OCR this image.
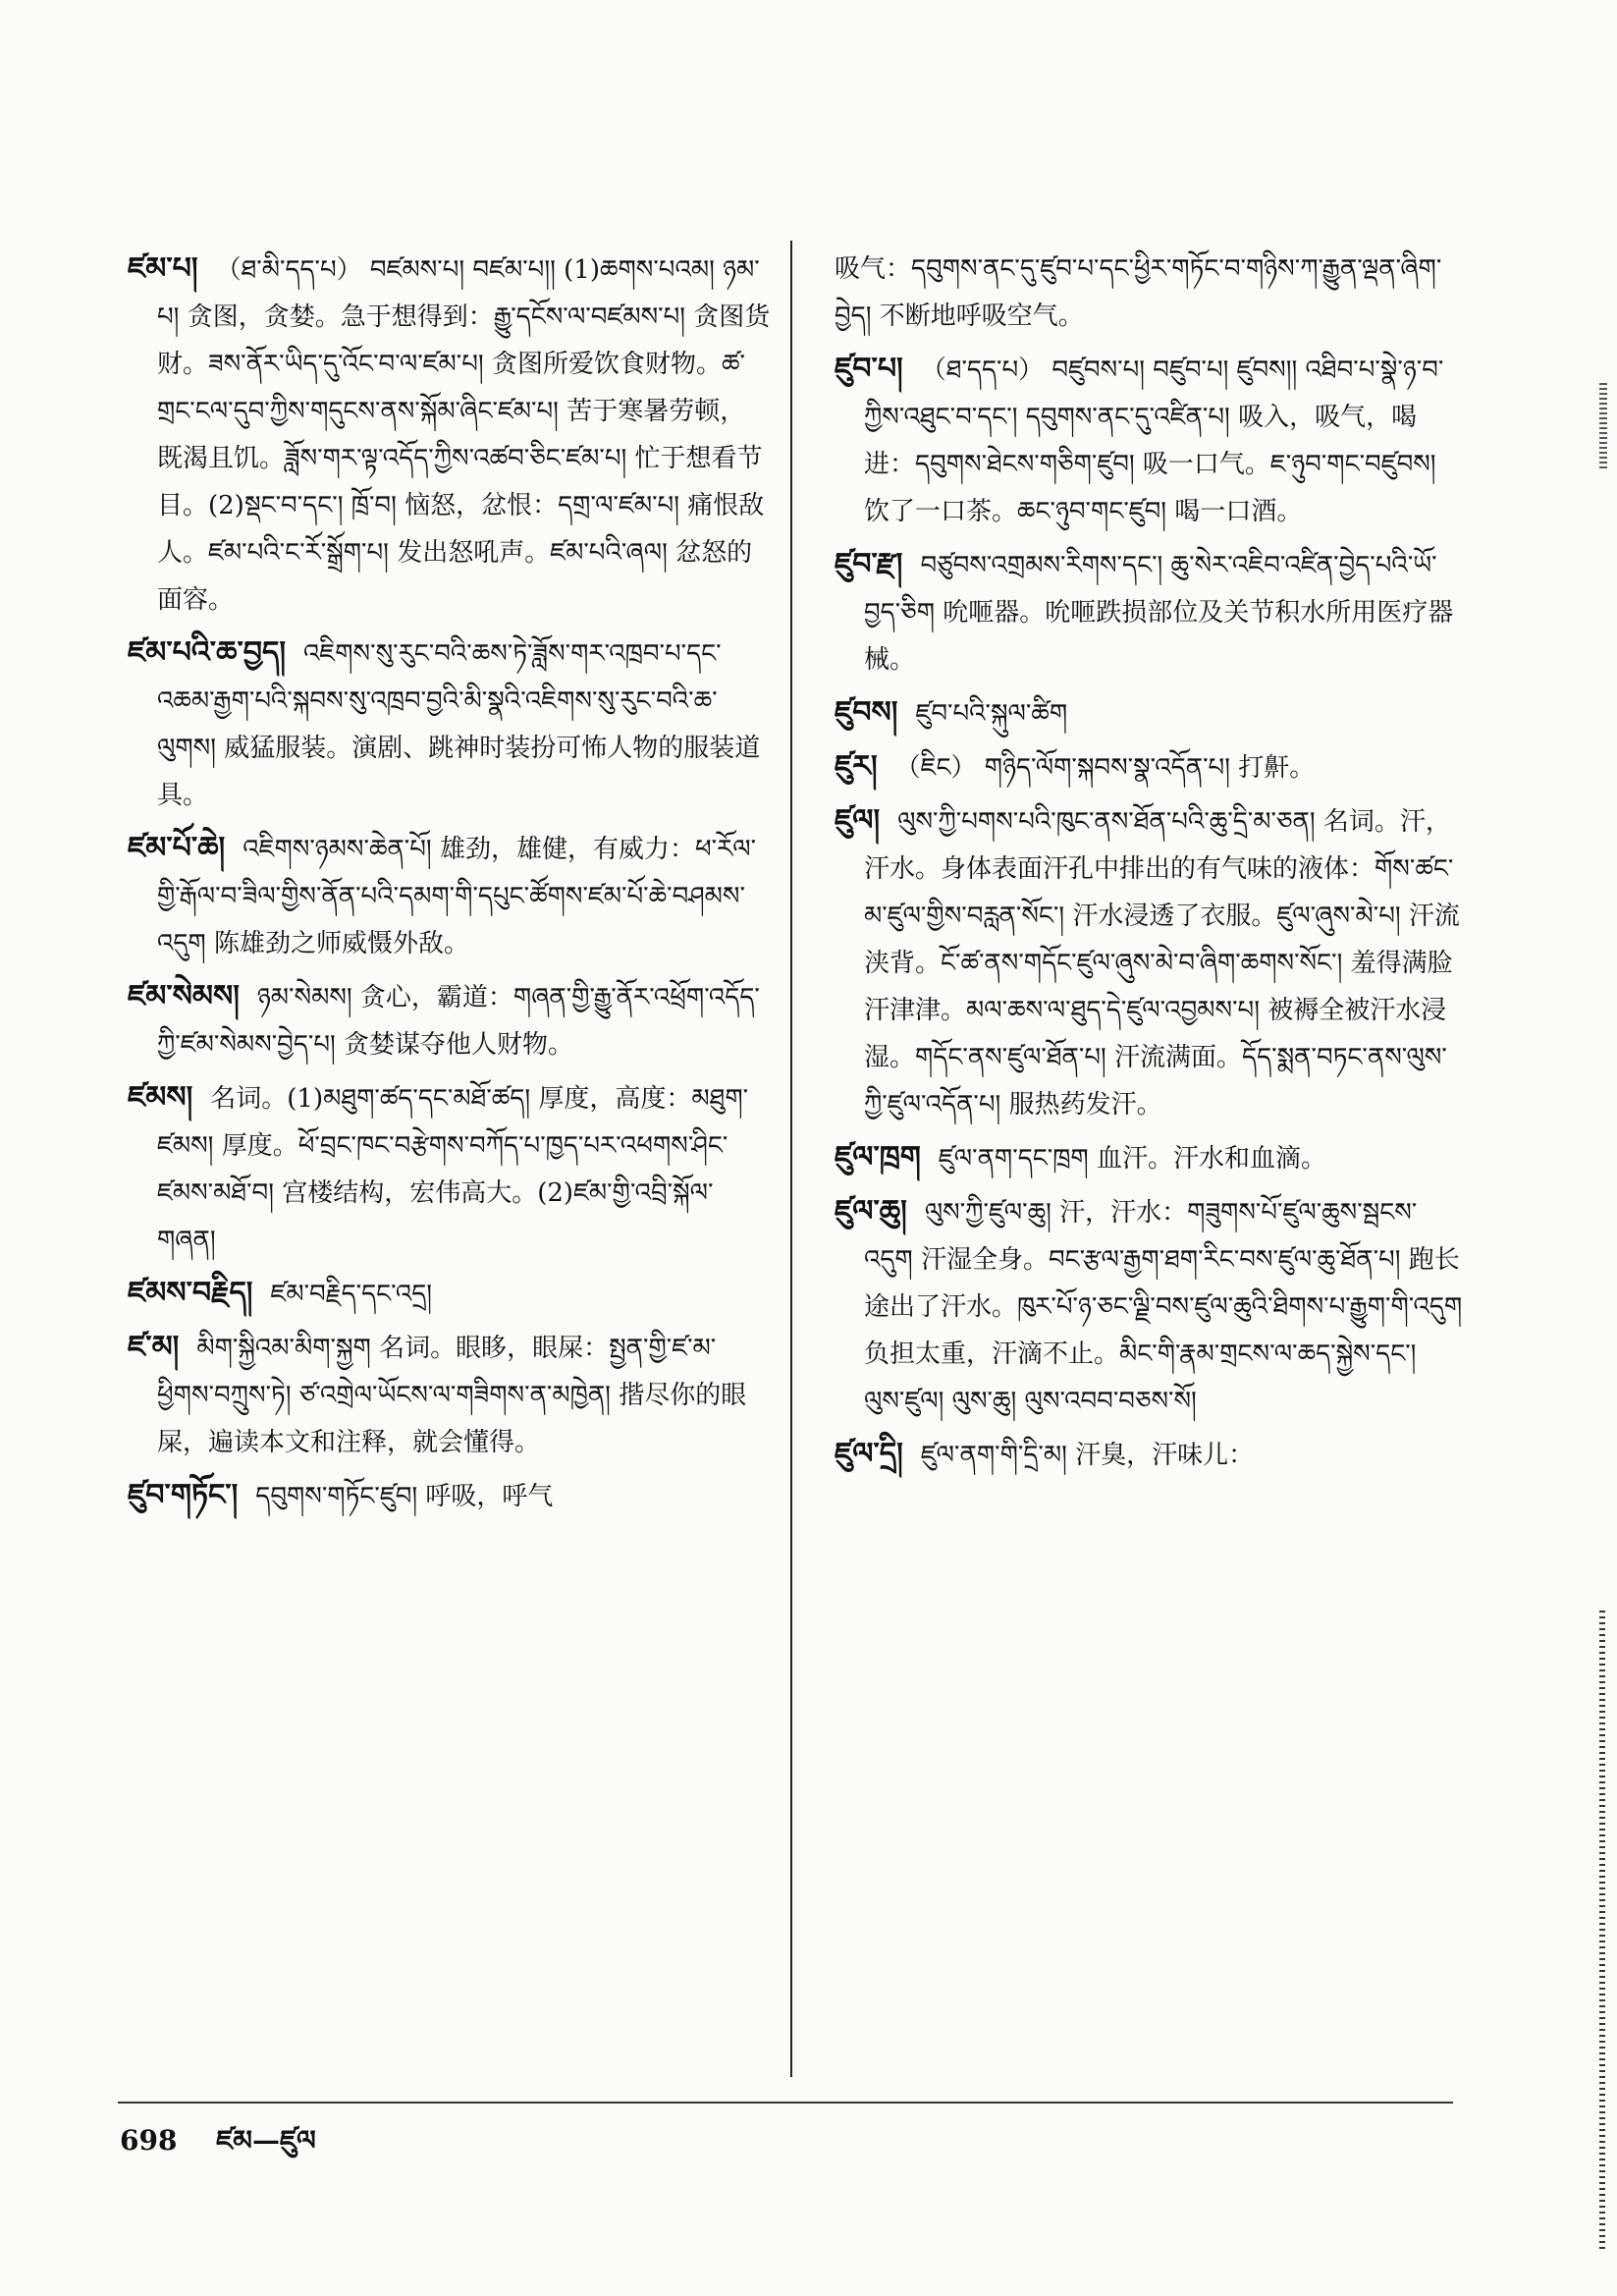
ཛམ་པ། （ཐ་མི་དད་པ） བཛམས་པ། བཛམ་པ།། (1)ཆགས་པའམ། ཉམ་པ། 贪图，贪婪。急于想得到：རྒྱུ་དངོས་ལ་བཛམས་པ། 贪图货财。ཟས་ནོར་ཡིད་དུ་འོང་བ་ལ་ཛམ་པ། 贪图所爱饮食财物。ཚ་གྲང་ངལ་དུབ་ཀྱིས་གདུངས་ནས་སྐོམ་ཞིང་ཛམ་པ། 苦于寒暑劳顿，既渴且饥。ཟློས་གར་ལྟ་འདོད་ཀྱིས་འཚབ་ཅིང་ཛམ་པ། 忙于想看节目。(2)སྡང་བ་དང་། ཁྲོ་བ། 恼怒，忿恨：དགྲ་ལ་ཛམ་པ། 痛恨敌人。ཛམ་པའི་ང་རོ་སྒྲོག་པ། 发出怒吼声。ཛམ་པའི་ཞལ། 忿怒的面容。
ཛམ་པའི་ཆ་བྱད། འཇིགས་སུ་རུང་བའི་ཆས་ཏེ་ཟློས་གར་འཁྲབ་པ་དང་འཆམ་རྒྱག་པའི་སྐབས་སུ་འཁྲབ་བྱའི་མི་སྣའི་འཇིགས་སུ་རུང་བའི་ཆ་ལུགས། 威猛服装。演剧、跳神时装扮可怖人物的服装道具。
ཛམ་པོ་ཆེ། འཇིགས་ཉམས་ཆེན་པོ། 雄劲，雄健，有威力：ཕ་རོལ་གྱི་རྒོལ་བ་ཟིལ་གྱིས་ནོན་པའི་དམག་གི་དཔུང་ཚོགས་ཛམ་པོ་ཆེ་བཤམས་འདུག 陈雄劲之师威慑外敌。
ཛམ་སེམས། ཉམ་སེམས། 贪心，霸道：གཞན་གྱི་རྒྱུ་ནོར་འཕྲོག་འདོད་ཀྱི་ཛམ་སེམས་བྱེད་པ། 贪婪谋夺他人财物。
ཛམས། 名词。(1)མཐུག་ཚད་དང་མཐོ་ཚད། 厚度，高度：མཐུག་ཛམས། 厚度。ཕོ་བྲང་ཁང་བརྩེགས་བཀོད་པ་ཁྱད་པར་འཕགས་ཤིང་ཛམས་མཐོ་བ། 宫楼结构，宏伟高大。(2)ཛམ་གྱི་འབྲི་སྐོལ་གཞན།
ཛམས་བརྗིད། ཛམ་བརྗིད་དང་འདྲ།
ཛ་མ། མིག་སྐྱིའམ་མིག་སྐྱག 名词。眼眵，眼屎：སྤྱན་གྱི་ཛ་མ་ཕྱིགས་བཀྲུས་ཏེ། ཙ་འགྲེལ་ཡོངས་ལ་གཟིགས་ན་མཁྱེན། 揩尽你的眼屎，遍读本文和注释，就会懂得。
ཛུབ་གཏོང་། དབུགས་གཏོང་ཛུབ། 呼吸，呼气
吸气：དབུགས་ནང་དུ་ཛུབ་པ་དང་ཕྱིར་གཏོང་བ་གཉིས་ཀ་རྒྱུན་ལྡན་ཞིག་བྱེད། 不断地呼吸空气。
ཛུབ་པ། （ཐ་དད་པ） བཛུབས་པ། བཛུབ་པ། ཛུབས།། འཐིབ་པ་སྣེ་ཉ་བ་ཀྱིས་འཐུང་བ་དང་། དབུགས་ནང་དུ་འཛིན་པ། 吸入，吸气，喝进：དབུགས་ཐེངས་གཅིག་ཛུབ། 吸一口气。ཇ་ཉུབ་གང་བཛུབས། 饮了一口茶。ཆང་ཉུབ་གང་ཛུབ། 喝一口酒。
ཛུབ་རྫ། བཙུབས་འགྲམས་རིགས་དང་། ཆུ་སེར་འཇིབ་འཛིན་བྱེད་པའི་ཡོ་བྱད་ཅིག 吮咂器。吮咂跌损部位及关节积水所用医疗器械。
ཛུབས། ཛུབ་པའི་སྐུལ་ཚིག
ཛུར། （ཇིང） གཉིད་ལོག་སྐབས་སྣ་འདོན་པ། 打鼾。
ཛུལ། ལུས་ཀྱི་པགས་པའི་ཁུང་ནས་ཐོན་པའི་ཆུ་དྲི་མ་ཅན། 名词。汗，汗水。身体表面汗孔中排出的有气味的液体：གོས་ཚང་མ་ཛུལ་གྱིས་བརླན་སོང་། 汗水浸透了衣服。ཛུལ་ཞུས་མེ་པ། 汗流浃背。ངོ་ཚ་ནས་གདོང་ཛུལ་ཞུས་མེ་བ་ཞིག་ཆགས་སོང་། 羞得满脸汗津津。མལ་ཆས་ལ་ཐུད་དེ་ཛུལ་འབྱམས་པ། 被褥全被汗水浸湿。གདོང་ནས་ཛུལ་ཐོན་པ། 汗流满面。དོད་སྨན་བཏང་ནས་ལུས་ཀྱི་ཛུལ་འདོན་པ། 服热药发汗。
ཛུལ་ཁྲག ཛུལ་ནག་དང་ཁྲག 血汗。汗水和血滴。
ཛུལ་ཆུ། ལུས་ཀྱི་ཛུལ་ཆུ། 汗，汗水：གཟུགས་པོ་ཛུལ་ཆུས་སྦངས་འདུག 汗湿全身。བང་རྩལ་རྒྱག་ཐག་རིང་བས་ཛུལ་ཆུ་ཐོན་པ། 跑长途出了汗水。ཁུར་པོ་ཉ་ཅང་ལྗི་བས་ཛུལ་ཆུའི་ཐིགས་པ་རྒྱུག་གི་འདུག 负担太重，汗滴不止。མིང་གི་རྣམ་གྲངས་ལ་ཆད་སྐྱེས་དང་། ལུས་ཛུལ། ལུས་ཆུ། ལུས་འབབ་བཅས་སོ།
ཛུལ་དྲི། ཛུལ་ནག་གི་དྲི་མ། 汗臭，汗味儿：
698 ཛམ—ཛུལ
